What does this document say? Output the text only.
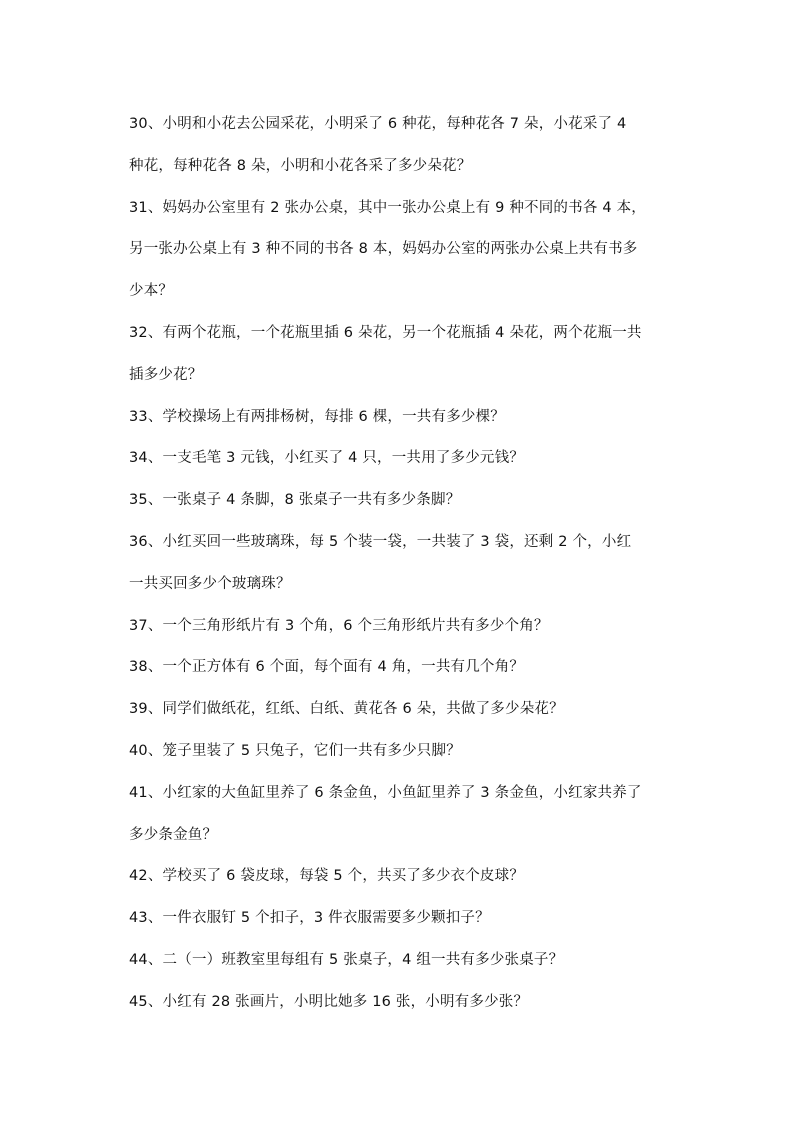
30、小明和小花去公园采花，小明采了 6 种花，每种花各 7 朵，小花采了 4
种花，每种花各 8 朵，小明和小花各采了多少朵花？
31、妈妈办公室里有 2 张办公桌，其中一张办公桌上有 9 种不同的书各 4 本，
另一张办公桌上有 3 种不同的书各 8 本，妈妈办公室的两张办公桌上共有书多
少本？
32、有两个花瓶，一个花瓶里插 6 朵花，另一个花瓶插 4 朵花，两个花瓶一共
插多少花？
33、学校操场上有两排杨树，每排 6 棵，一共有多少棵？
34、一支毛笔 3 元钱，小红买了 4 只，一共用了多少元钱？
35、一张桌子 4 条脚，8 张桌子一共有多少条脚？
36、小红买回一些玻璃珠，每 5 个装一袋，一共装了 3 袋，还剩 2 个，小红
一共买回多少个玻璃珠？
37、一个三角形纸片有 3 个角，6 个三角形纸片共有多少个角？
38、一个正方体有 6 个面，每个面有 4 角，一共有几个角？
39、同学们做纸花，红纸、白纸、黄花各 6 朵，共做了多少朵花？
40、笼子里装了 5 只兔子，它们一共有多少只脚？
41、小红家的大鱼缸里养了 6 条金鱼，小鱼缸里养了 3 条金鱼，小红家共养了
多少条金鱼？
42、学校买了 6 袋皮球，每袋 5 个，共买了多少衣个皮球？
43、一件衣服钉 5 个扣子，3 件衣服需要多少颗扣子？
44、二（一）班教室里每组有 5 张桌子，4 组一共有多少张桌子？
45、小红有 28 张画片，小明比她多 16 张，小明有多少张？
